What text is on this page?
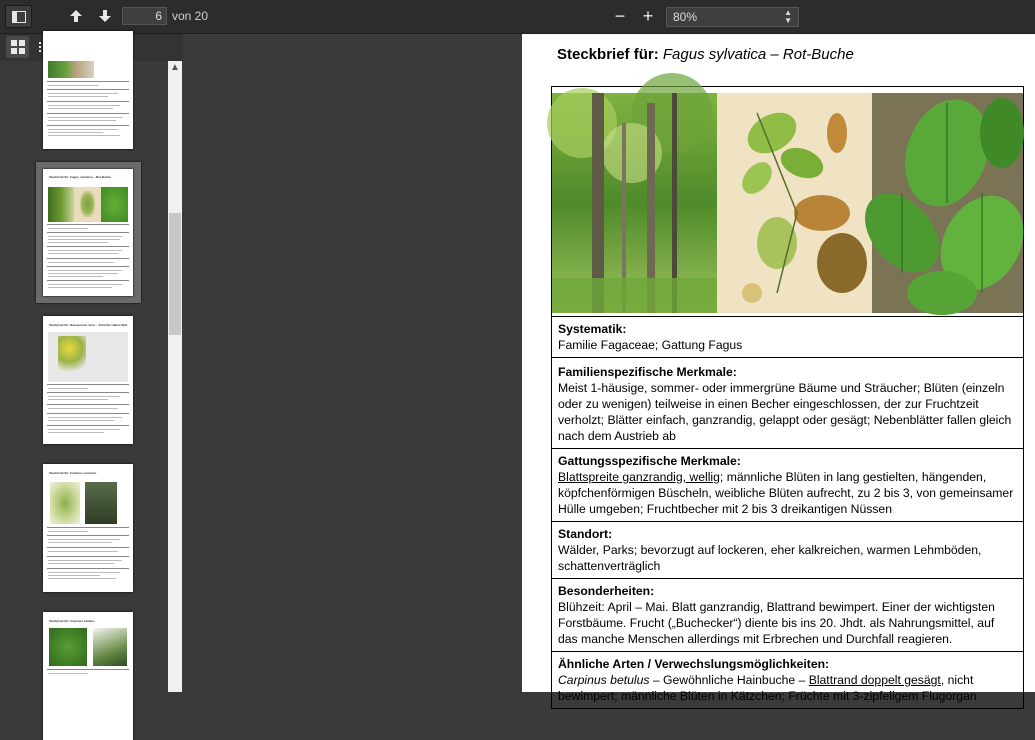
6
von 20	− +	80%	▲
▼
Steckbrief für: Fagus sylvatica – Rot-Buche
Steckbrief für: Ranunculus acris – Scharfer Hahnenfuß
Steckbrief für: Fraxinus excelsior
Steckbrief für: Carpinus betulus
▲
Steckbrief für: Fagus sylvatica – Rot-Buche
Systematik:
Familie Fagaceae; Gattung Fagus
Familienspezifische Merkmale:
Meist 1-häusige, sommer- oder immergrüne Bäume und Sträucher; Blüten (einzeln oder zu wenigen) teilweise in einen Becher eingeschlossen, der zur Fruchtzeit verholzt; Blätter einfach, ganzrandig, gelappt oder gesägt; Nebenblätter fallen gleich nach dem Austrieb ab
Gattungsspezifische Merkmale:
Blattspreite ganzrandig, wellig; männliche Blüten in lang gestielten, hängenden, köpfchenförmigen Büscheln, weibliche Blüten aufrecht, zu 2 bis 3, von gemeinsamer Hülle umgeben; Fruchtbecher mit 2 bis 3 dreikantigen Nüssen
Standort:
Wälder, Parks; bevorzugt auf lockeren, eher kalkreichen, warmen Lehmböden, schattenverträglich
Besonderheiten:
Blühzeit: April – Mai. Blatt ganzrandig, Blattrand bewimpert. Einer der wichtigsten Forstbäume. Frucht („Buchecker“) diente bis ins 20. Jhdt. als Nahrungsmittel, auf das manche Menschen allerdings mit Erbrechen und Durchfall reagieren.
Ähnliche Arten / Verwechslungsmöglichkeiten:
Carpinus betulus – Gewöhnliche Hainbuche – Blattrand doppelt gesägt, nicht bewimpert; männliche Blüten in Kätzchen; Früchte mit 3-zipfeligem Flugorgan
